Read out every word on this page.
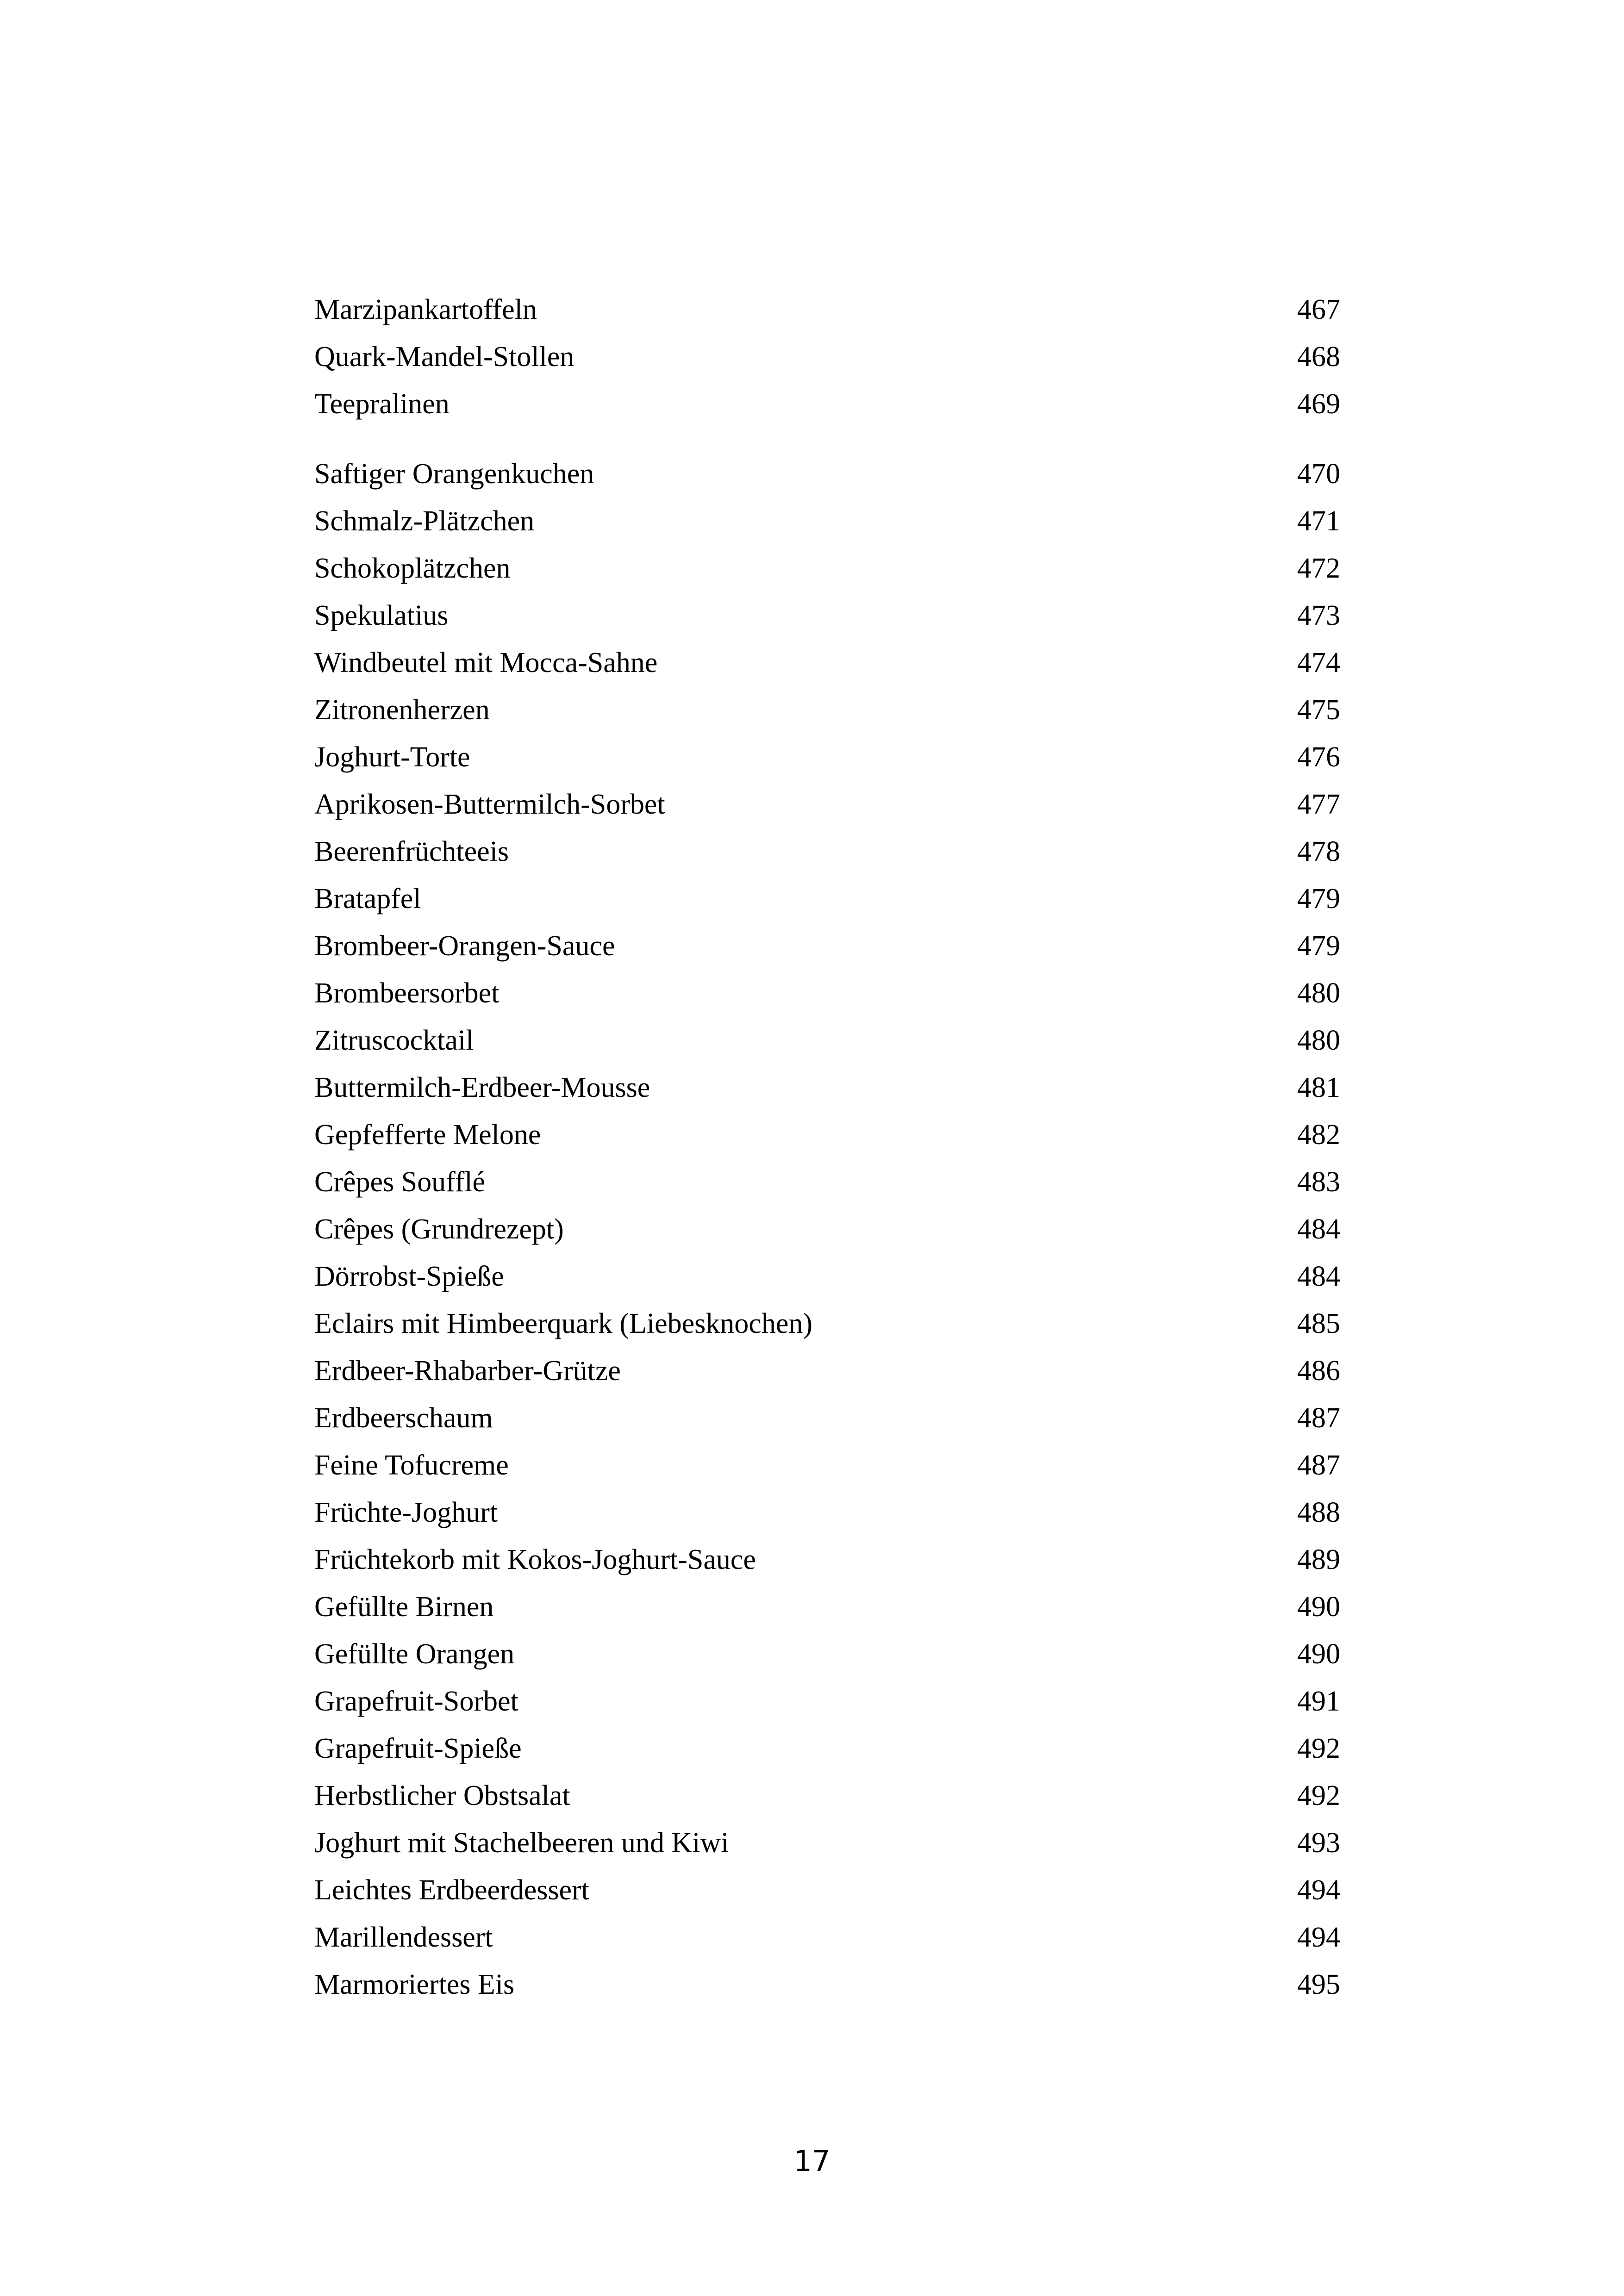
Marzipankartoffeln	467
Quark-Mandel-Stollen	468
Teepralinen	469
Saftiger Orangenkuchen	470
Schmalz-Plätzchen	471
Schokoplätzchen	472
Spekulatius	473
Windbeutel mit Mocca-Sahne	474
Zitronenherzen	475
Joghurt-Torte	476
Aprikosen-Buttermilch-Sorbet	477
Beerenfrüchteeis	478
Bratapfel	479
Brombeer-Orangen-Sauce	479
Brombeersorbet	480
Zitruscocktail	480
Buttermilch-Erdbeer-Mousse	481
Gepfefferte Melone	482
Crêpes Soufflé	483
Crêpes (Grundrezept)	484
Dörrobst-Spieße	484
Eclairs mit Himbeerquark (Liebesknochen)	485
Erdbeer-Rhabarber-Grütze	486
Erdbeerschaum	487
Feine Tofucreme	487
Früchte-Joghurt	488
Früchtekorb mit Kokos-Joghurt-Sauce	489
Gefüllte Birnen	490
Gefüllte Orangen	490
Grapefruit-Sorbet	491
Grapefruit-Spieße	492
Herbstlicher Obstsalat	492
Joghurt mit Stachelbeeren und Kiwi	493
Leichtes Erdbeerdessert	494
Marillendessert	494
Marmoriertes Eis	495
17
